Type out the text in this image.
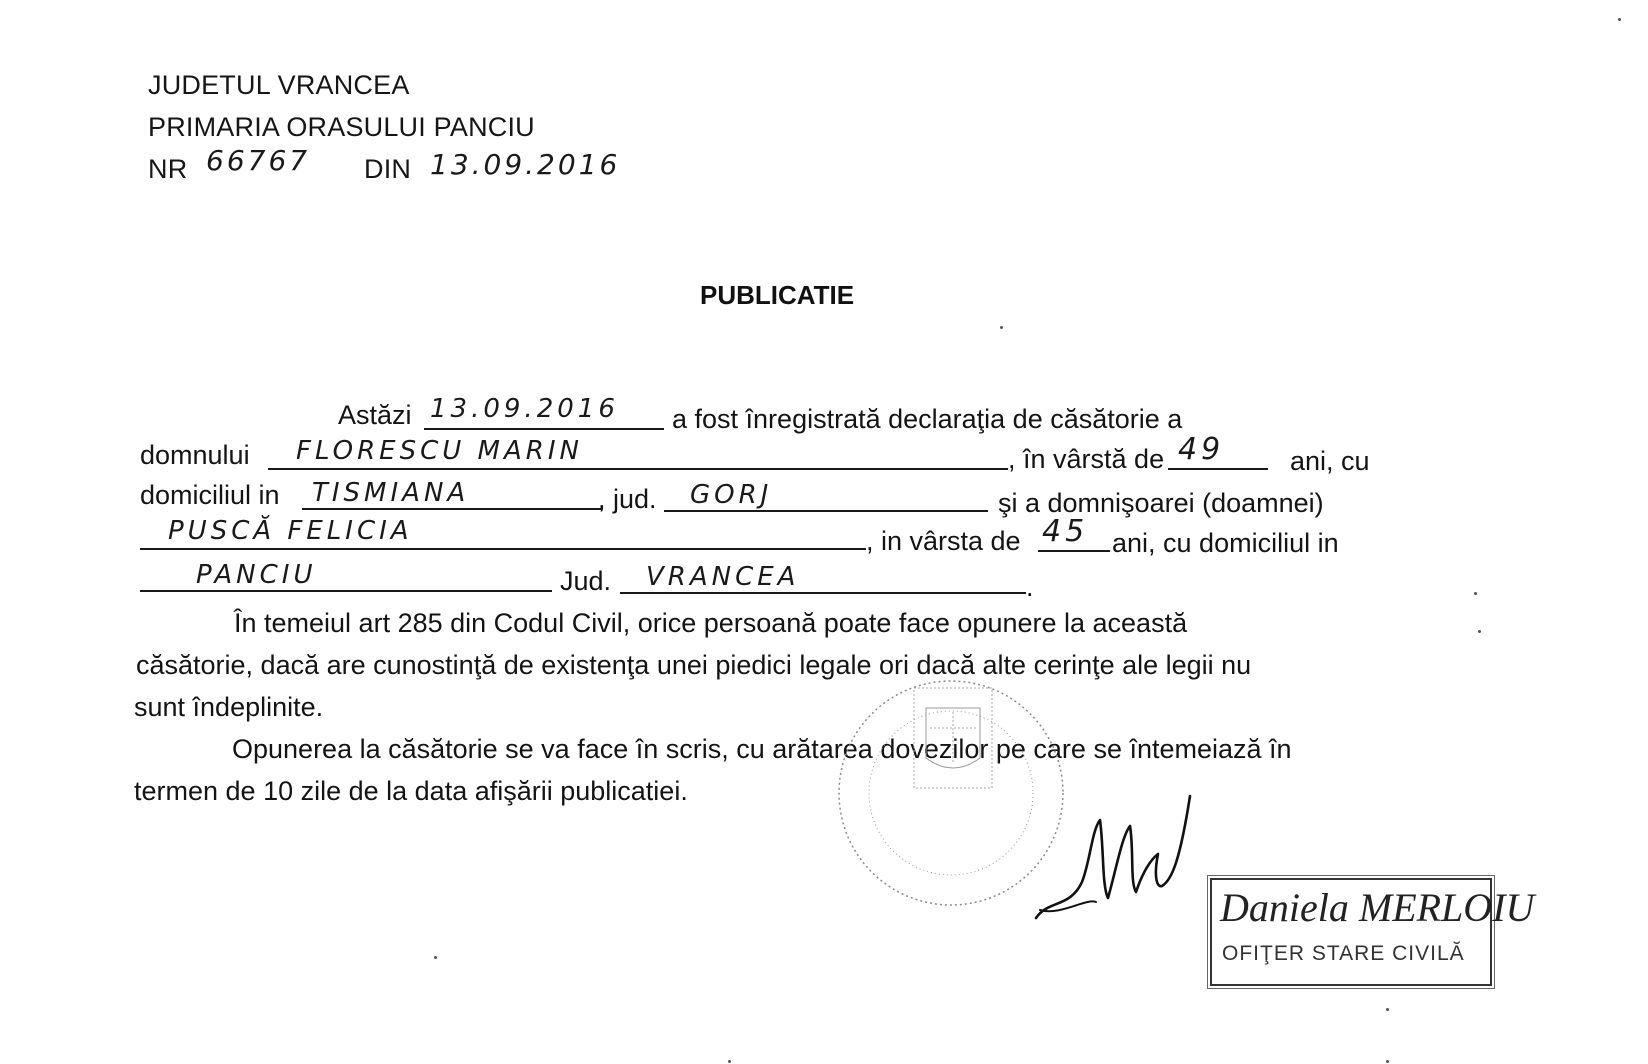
JUDETUL VRANCEA
PRIMARIA ORASULUI PANCIU
NR 66767 DIN 13.09.2016
PUBLICATIE
Astăzi 13.09.2016 a fost înregistrată declaraţia de căsătorie a
domnului FLORESCU MARIN	, în vârstă de 49 ani, cu
domiciliul in TISMIANA	, jud. GORJ	şi a domnişoarei (doamnei)
PUSCĂ FELICIA	, in vârsta de 45 ani, cu domiciliul in
PANCIU	Jud. VRANCEA	.
În temeiul art 285 din Codul Civil, orice persoană poate face opunere la această
căsătorie, dacă are cunostinţă de existenţa unei piedici legale ori dacă alte cerinţe ale legii nu
sunt îndeplinite.
Opunerea la căsătorie se va face în scris, cu arătarea dovezilor pe care se întemeiază în
termen de 10 zile de la data afişării publicatiei.
Daniela MERLOIU
OFIŢER STARE CIVILĂ
